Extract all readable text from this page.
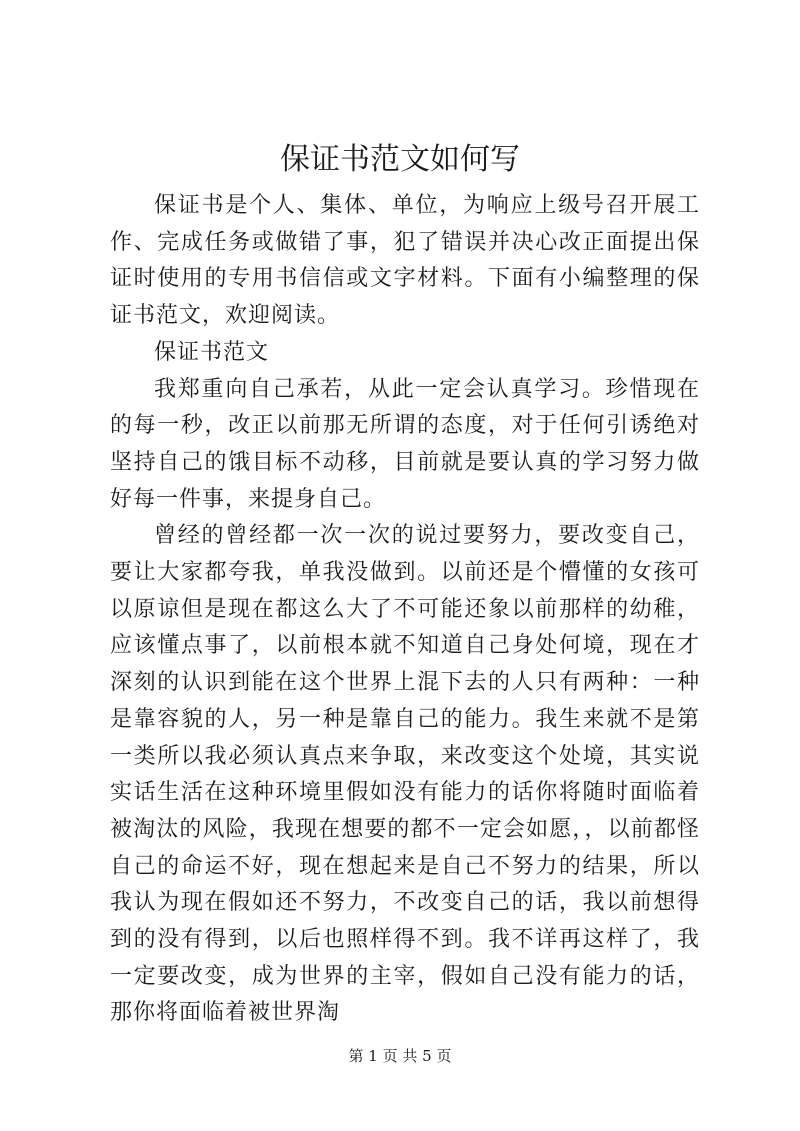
保证书范文如何写

保证书是个人、集体、单位，为响应上级号召开展工作、完成任务或做错了事，犯了错误并决心改正面提出保证时使用的专用书信信或文字材料。下面有小编整理的保证书范文，欢迎阅读。

保证书范文

我郑重向自己承若，从此一定会认真学习。珍惜现在的每一秒，改正以前那无所谓的态度，对于任何引诱绝对坚持自己的饿目标不动移，目前就是要认真的学习努力做好每一件事，来提身自己。

曾经的曾经都一次一次的说过要努力，要改变自己，要让大家都夸我，单我没做到。以前还是个懵懂的女孩可以原谅但是现在都这么大了不可能还象以前那样的幼稚，应该懂点事了，以前根本就不知道自己身处何境，现在才深刻的认识到能在这个世界上混下去的人只有两种：一种是靠容貌的人，另一种是靠自己的能力。我生来就不是第一类所以我必须认真点来争取，来改变这个处境，其实说实话生活在这种环境里假如没有能力的话你将随时面临着被淘汰的风险，我现在想要的都不一定会如愿，，以前都怪自己的命运不好，现在想起来是自己不努力的结果，所以我认为现在假如还不努力，不改变自己的话，我以前想得到的没有得到，以后也照样得不到。我不详再这样了，我一定要改变，成为世界的主宰，假如自己没有能力的话，那你将面临着被世界淘

第 1 页 共 5 页
